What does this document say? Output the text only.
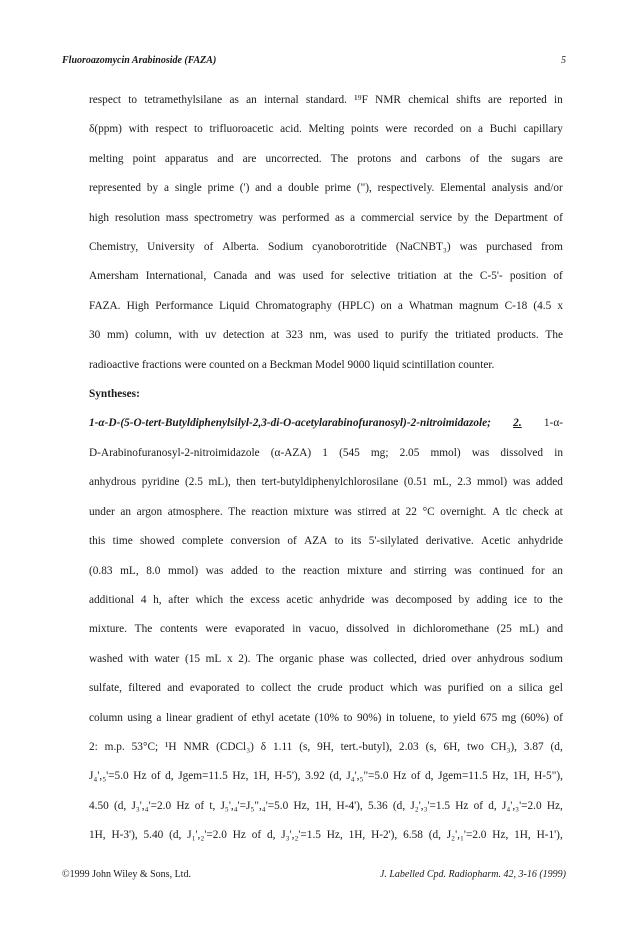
Fluoroazomycin Arabinoside (FAZA)	5
respect to tetramethylsilane as an internal standard. ¹⁹F NMR chemical shifts are reported in
δ(ppm) with respect to trifluoroacetic acid. Melting points were recorded on a Buchi capillary
melting point apparatus and are uncorrected. The protons and carbons of the sugars are
represented by a single prime (') and a double prime ("), respectively. Elemental analysis and/or
high resolution mass spectrometry was performed as a commercial service by the Department of
Chemistry, University of Alberta. Sodium cyanoborotritide (NaCNBT₃) was purchased from
Amersham International, Canada and was used for selective tritiation at the C-5'- position of
FAZA. High Performance Liquid Chromatography (HPLC) on a Whatman magnum C-18 (4.5 x
30 mm) column, with uv detection at 323 nm, was used to purify the tritiated products. The
radioactive fractions were counted on a Beckman Model 9000 liquid scintillation counter.
Syntheses:
1-α-D-(5-O-tert-Butyldiphenylsilyl-2,3-di-O-acetylarabinofuranosyl)-2-nitroimidazole; 2. 1-α-
D-Arabinofuranosyl-2-nitroimidazole (α-AZA) 1 (545 mg; 2.05 mmol) was dissolved in
anhydrous pyridine (2.5 mL), then tert-butyldiphenylchlorosilane (0.51 mL, 2.3 mmol) was added
under an argon atmosphere. The reaction mixture was stirred at 22 °C overnight. A tlc check at
this time showed complete conversion of AZA to its 5'-silylated derivative. Acetic anhydride
(0.83 mL, 8.0 mmol) was added to the reaction mixture and stirring was continued for an
additional 4 h, after which the excess acetic anhydride was decomposed by adding ice to the
mixture. The contents were evaporated in vacuo, dissolved in dichloromethane (25 mL) and
washed with water (15 mL x 2). The organic phase was collected, dried over anhydrous sodium
sulfate, filtered and evaporated to collect the crude product which was purified on a silica gel
column using a linear gradient of ethyl acetate (10% to 90%) in toluene, to yield 675 mg (60%) of
2: m.p. 53°C; ¹H NMR (CDCl₃) δ 1.11 (s, 9H, tert.-butyl), 2.03 (s, 6H, two CH₃), 3.87 (d,
J₄',₅'=5.0 Hz of d, Jgem=11.5 Hz, 1H, H-5'), 3.92 (d, J₄',₅"=5.0 Hz of d, Jgem=11.5 Hz, 1H, H-5"),
4.50 (d, J₃',₄'=2.0 Hz of t, J₅',₄'=J₅",₄'=5.0 Hz, 1H, H-4'), 5.36 (d, J₂',₃'=1.5 Hz of d, J₄',₃'=2.0 Hz,
1H, H-3'), 5.40 (d, J₁',₂'=2.0 Hz of d, J₃',₂'=1.5 Hz, 1H, H-2'), 6.58 (d, J₂',₁'=2.0 Hz, 1H, H-1'),
©1999 John Wiley & Sons, Ltd.	J. Labelled Cpd. Radiopharm. 42, 3-16 (1999)
